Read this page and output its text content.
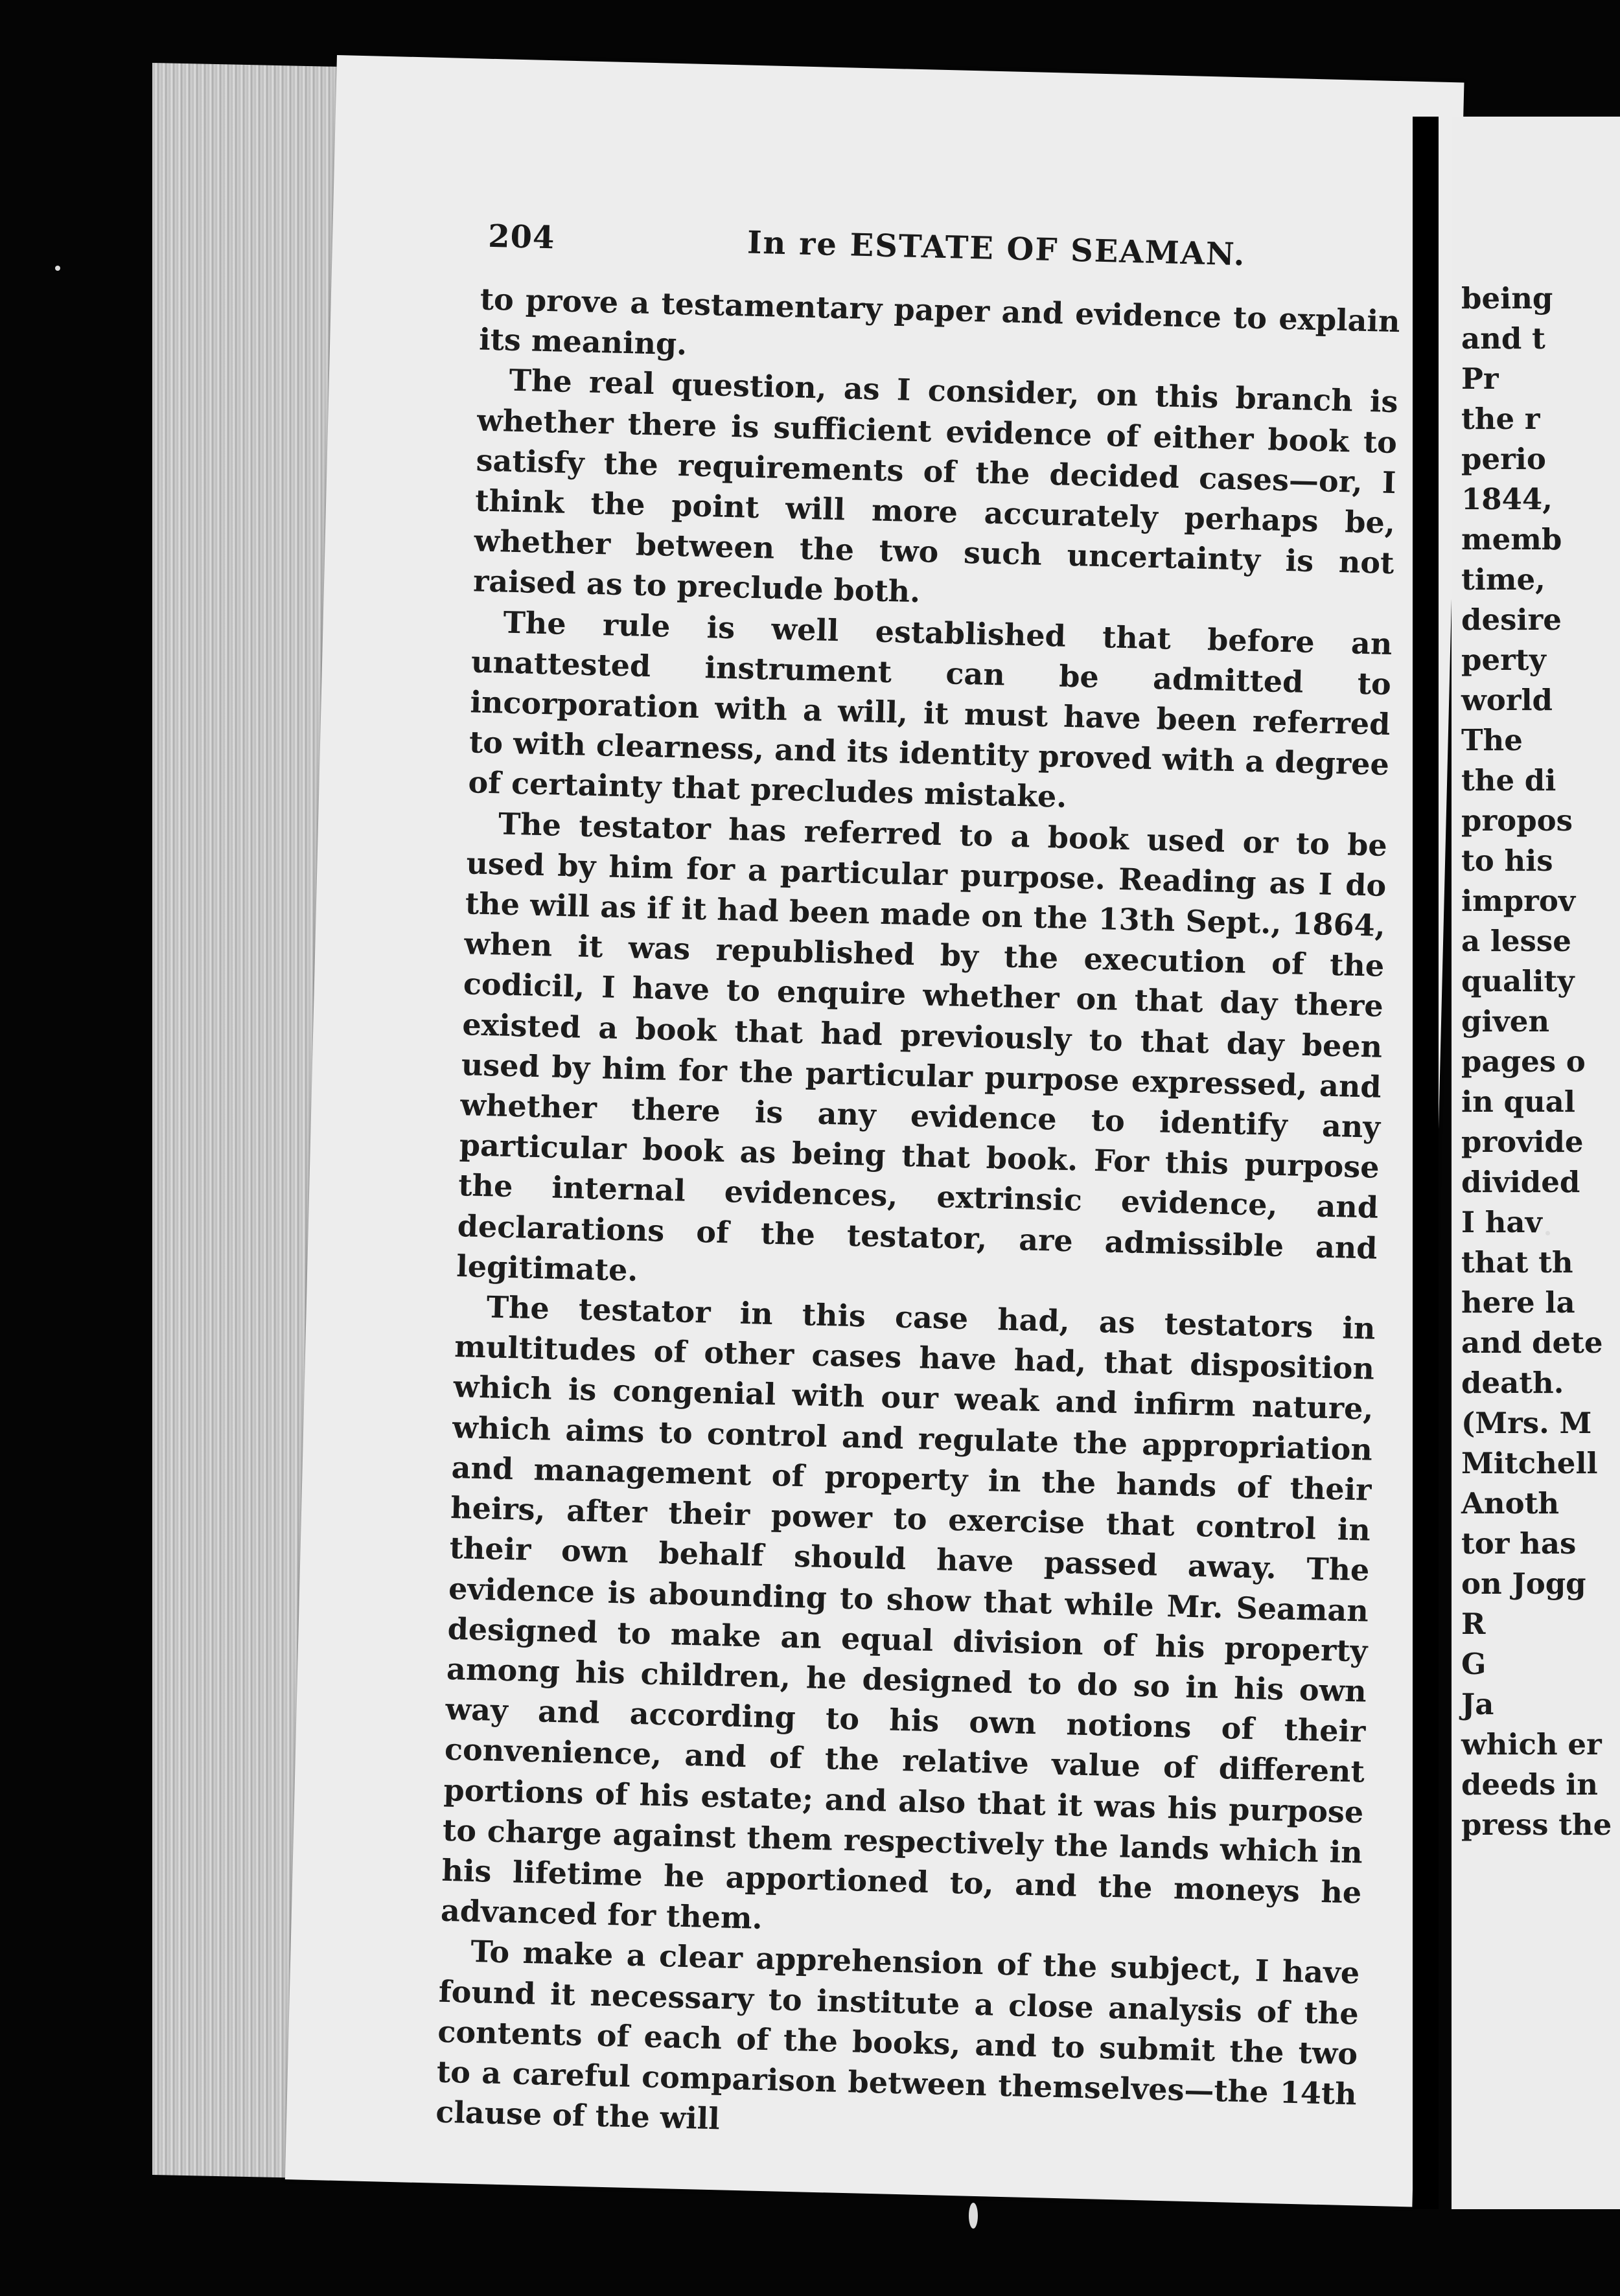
204	In re ESTATE OF SEAMAN.

to prove a testamentary paper and evidence to explain its meaning.

The real question, as I consider, on this branch is whether there is sufficient evidence of either book to satisfy the requirements of the decided cases—or, I think the point will more accurately perhaps be, whether between the two such uncertainty is not raised as to preclude both.

The rule is well established that before an unattested instrument can be admitted to incorporation with a will, it must have been referred to with clearness, and its identity proved with a degree of certainty that precludes mistake.

The testator has referred to a book used or to be used by him for a particular purpose. Reading as I do the will as if it had been made on the 13th Sept., 1864, when it was republished by the execution of the codicil, I have to enquire whether on that day there existed a book that had previously to that day been used by him for the particular purpose expressed, and whether there is any evidence to identify any particular book as being that book. For this purpose the internal evidences, extrinsic evidence, and declarations of the testator, are admissible and legitimate.

The testator in this case had, as testators in multitudes of other cases have had, that disposition which is congenial with our weak and infirm nature, which aims to control and regulate the appropriation and management of property in the hands of their heirs, after their power to exercise that control in their own behalf should have passed away. The evidence is abounding to show that while Mr. Seaman designed to make an equal division of his property among his children, he designed to do so in his own way and according to his own notions of their convenience, and of the relative value of different portions of his estate; and also that it was his purpose to charge against them respectively the lands which in his lifetime he apportioned to, and the moneys he advanced for them.

To make a clear apprehension of the subject, I have found it necessary to institute a close analysis of the contents of each of the books, and to submit the two to a careful comparison between themselves—the 14th clause of the will

being
and t
Pr
the r
perio
1844,
memb
time,
desire
perty
world
The
the di
propos
to his
improv
a lesse
quality
given
pages o
in qual
provide
divided
I hav
that th
here la
and dete
death.
(Mrs. M
Mitchell
Anoth
tor has
on Jogg
R
G
Ja
which er
deeds in
press the
